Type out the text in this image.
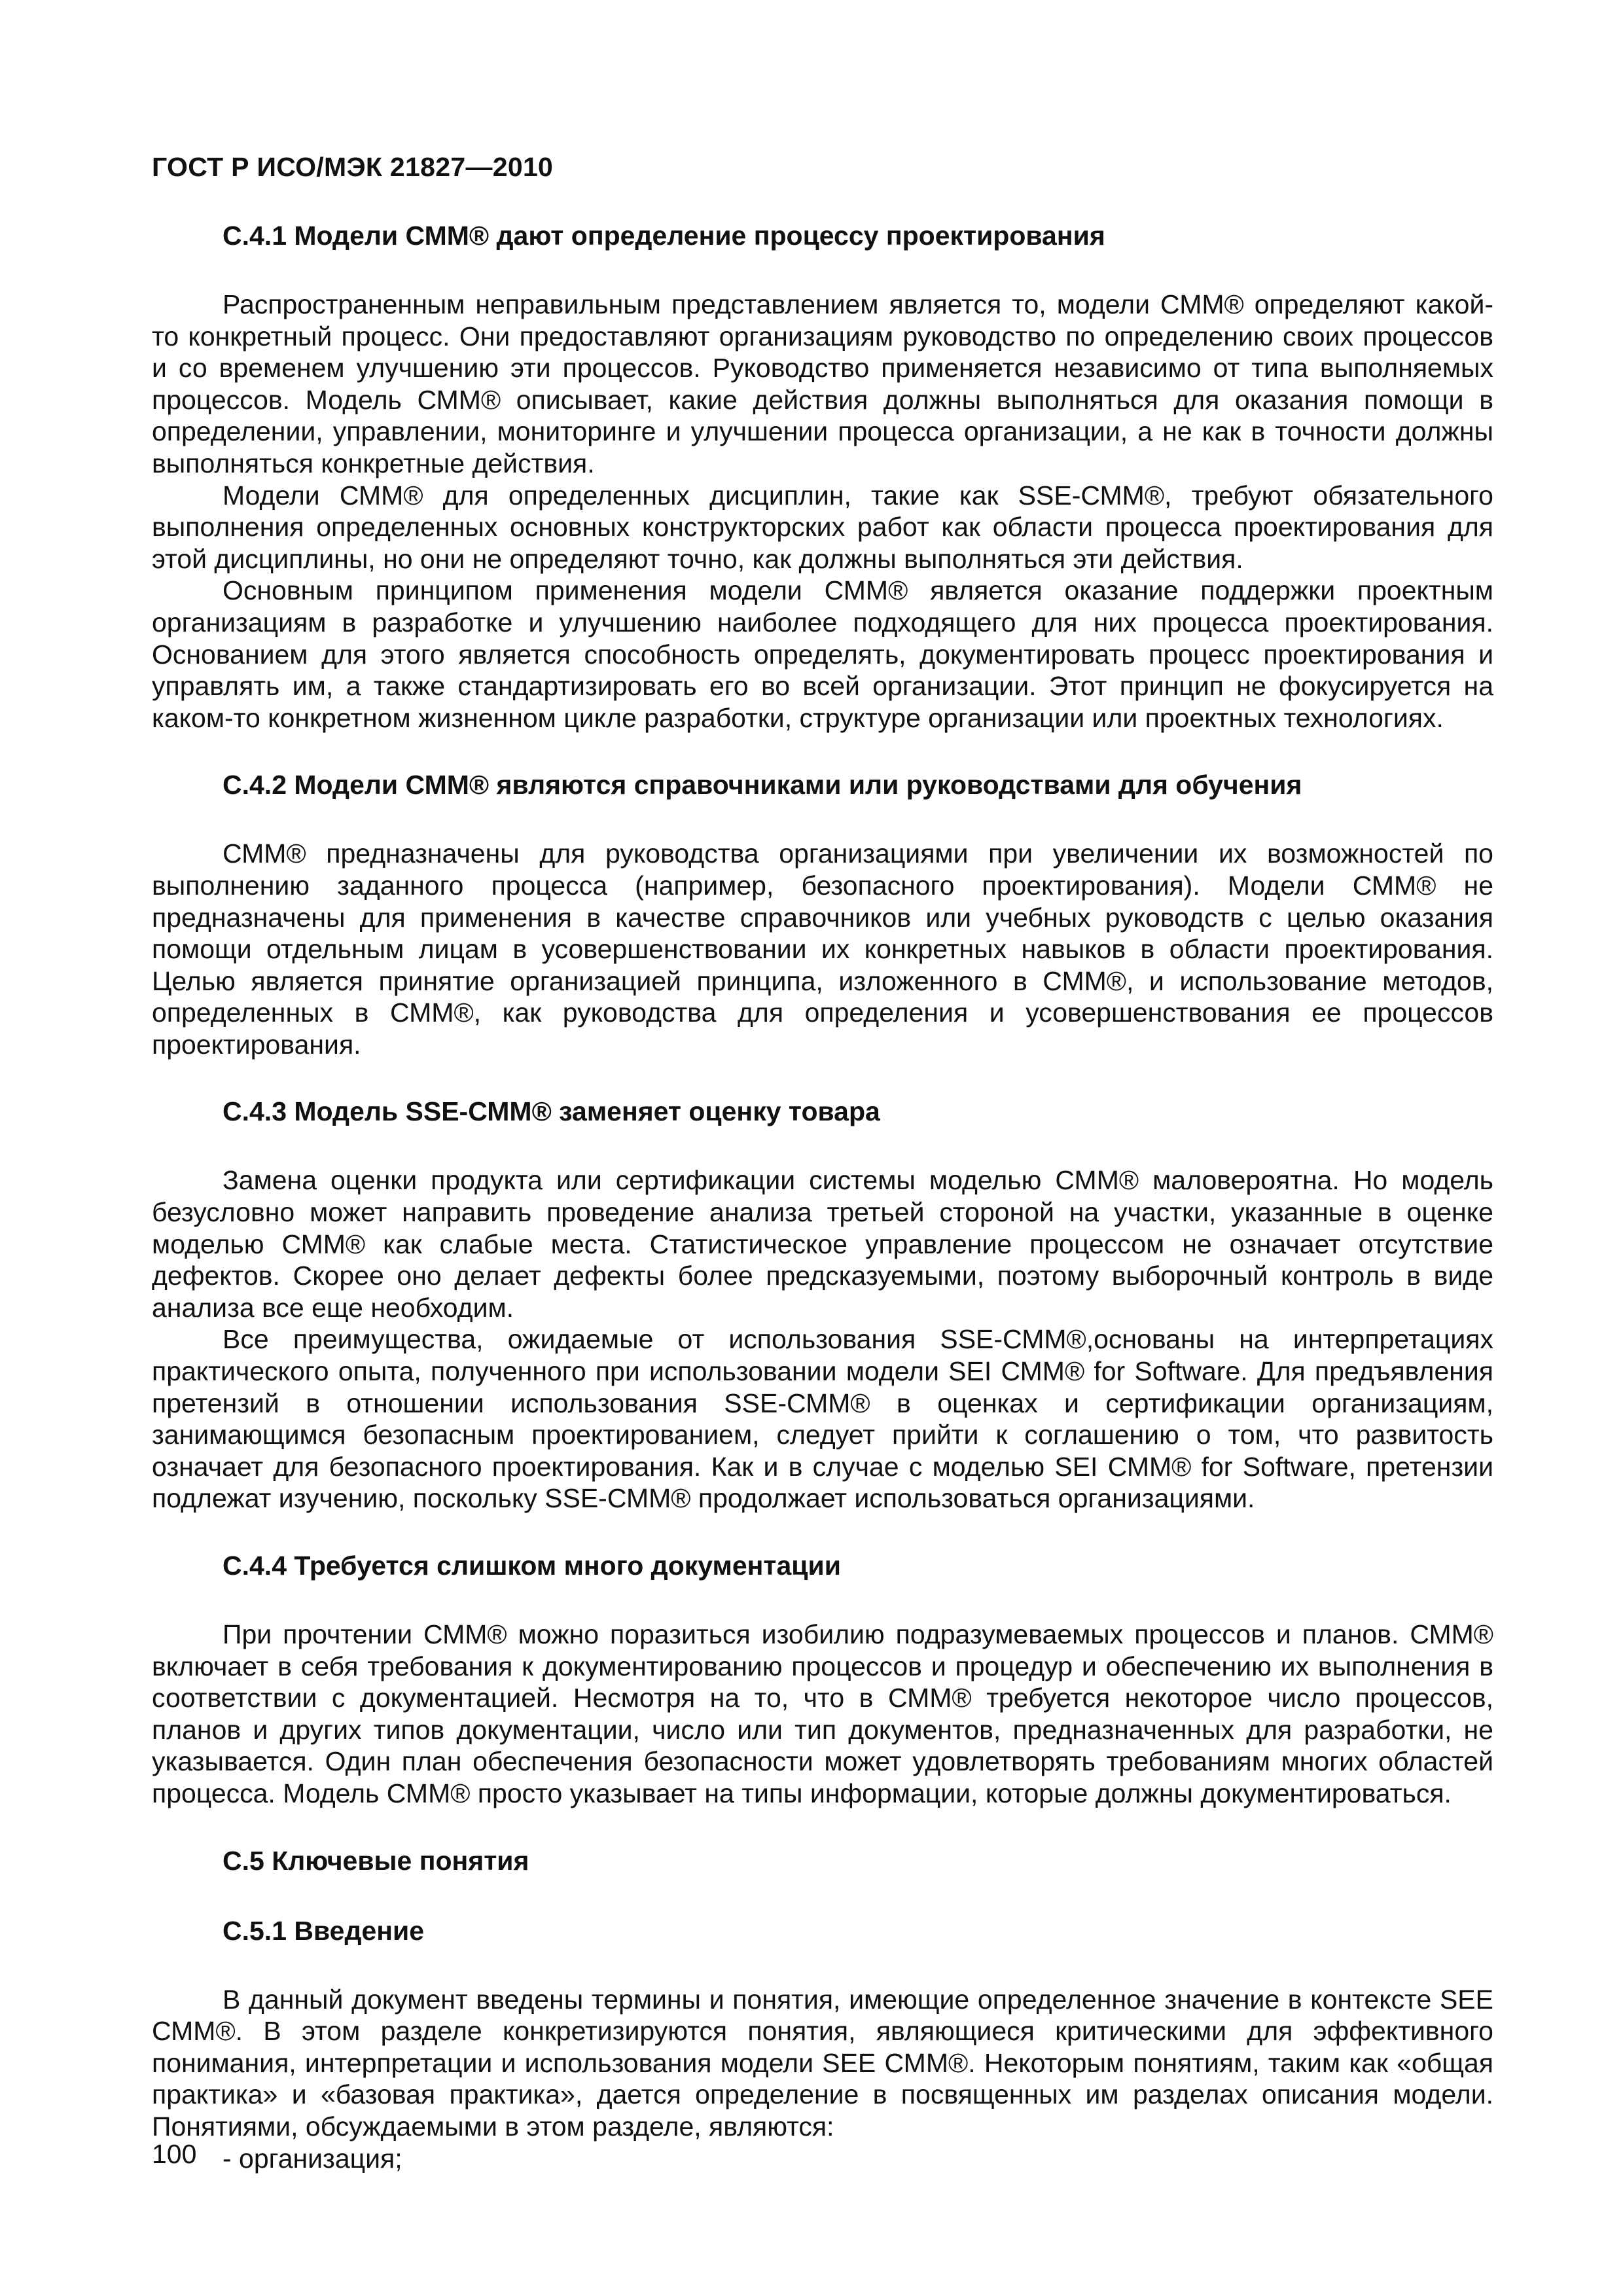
ГОСТ Р ИСО/МЭК 21827—2010
С.4.1 Модели СММ® дают определение процессу проектирования

Распространенным неправильным представлением является то, модели СММ® определяют какой-то конкретный процесс. Они предоставляют организациям руководство по определению своих процессов и со временем улучшению эти процессов. Руководство применяется независимо от типа выполняемых процессов. Модель СММ® описывает, какие действия должны выполняться для оказания помощи в определении, управлении, мониторинге и улучшении процесса организации, а не как в точности должны выполняться конкретные действия.

Модели СММ® для определенных дисциплин, такие как SSE-СММ®, требуют обязательного выполнения определенных основных конструкторских работ как области процесса проектирования для этой дисциплины, но они не определяют точно, как должны выполняться эти действия.

Основным принципом применения модели СММ® является оказание поддержки проектным организациям в разработке и улучшению наиболее подходящего для них процесса проектирования. Основанием для этого является способность определять, документировать процесс проектирования и управлять им, а также стандартизировать его во всей организации. Этот принцип не фокусируется на каком-то конкретном жизненном цикле разработки, структуре организации или проектных технологиях.

С.4.2 Модели СММ® являются справочниками или руководствами для обучения

СММ® предназначены для руководства организациями при увеличении их возможностей по выполнению заданного процесса (например, безопасного проектирования). Модели СММ® не предназначены для применения в качестве справочников или учебных руководств с целью оказания помощи отдельным лицам в усовершенствовании их конкретных навыков в области проектирования. Целью является принятие организацией принципа, изложенного в СММ®, и использование методов, определенных в СММ®, как руководства для определения и усовершенствования ее процессов проектирования.

С.4.3 Модель SSE-СММ® заменяет оценку товара

Замена оценки продукта или сертификации системы моделью СММ® маловероятна. Но модель безусловно может направить проведение анализа третьей стороной на участки, указанные в оценке моделью СММ® как слабые места. Статистическое управление процессом не означает отсутствие дефектов. Скорее оно делает дефекты более предсказуемыми, поэтому выборочный контроль в виде анализа все еще необходим.

Все преимущества, ожидаемые от использования SSE-СММ®,основаны на интерпретациях практического опыта, полученного при использовании модели SEI СММ® for Software. Для предъявления претензий в отношении использования SSE-СММ® в оценках и сертификации организациям, занимающимся безопасным проектированием, следует прийти к соглашению о том, что развитость означает для безопасного проектирования. Как и в случае с моделью SEI СММ® for Software, претензии подлежат изучению, поскольку SSE-СММ® продолжает использоваться организациями.

С.4.4 Требуется слишком много документации

При прочтении СММ® можно поразиться изобилию подразумеваемых процессов и планов. СММ® включает в себя требования к документированию процессов и процедур и обеспечению их выполнения в соответствии с документацией. Несмотря на то, что в СММ® требуется некоторое число процессов, планов и других типов документации, число или тип документов, предназначенных для разработки, не указывается. Один план обеспечения безопасности может удовлетворять требованиям многих областей процесса. Модель СММ® просто указывает на типы информации, которые должны документироваться.

С.5 Ключевые понятия
С.5.1 Введение

В данный документ введены термины и понятия, имеющие определенное значение в контексте SEE СММ®. В этом разделе конкретизируются понятия, являющиеся критическими для эффективного понимания, интерпретации и использования модели SEE СММ®. Некоторым понятиям, таким как «общая практика» и «базовая практика», дается определение в посвященных им разделах описания модели. Понятиями, обсуждаемыми в этом разделе, являются:

- организация;

100
